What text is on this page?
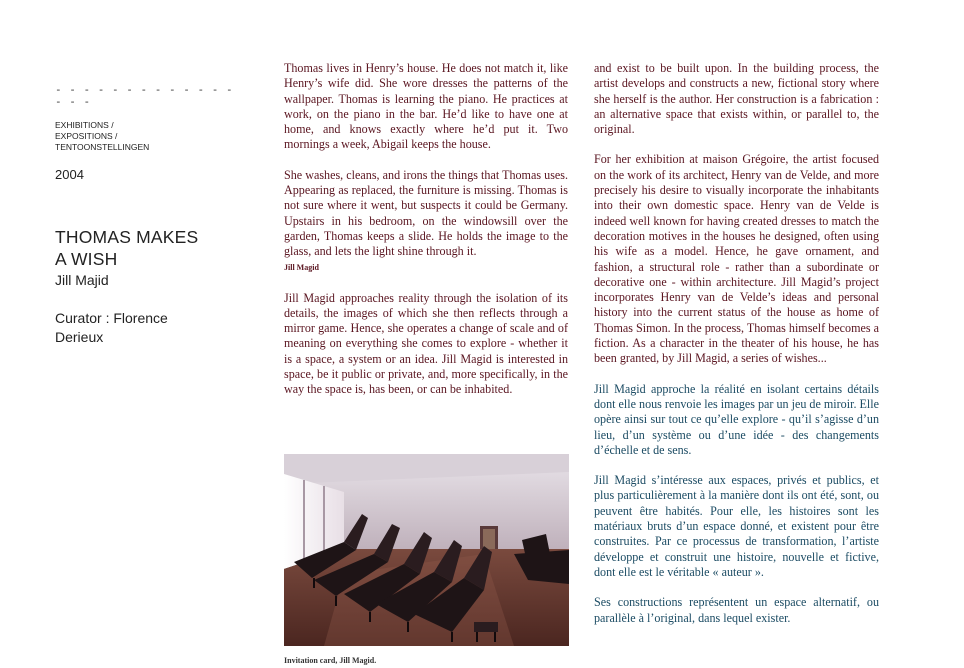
- - - - - - - - - - - - - - - -
EXHIBITIONS /
EXPOSITIONS /
TENTOONSTELLINGEN
2004
THOMAS MAKES
A WISH
Jill Majid
Curator : Florence
Derieux

Thomas lives in Henry’s house. He does not match it, like Henry’s wife did. She wore dresses the patterns of the wallpaper. Thomas is learning the piano. He practices at work, on the piano in the bar. He’d like to have one at home, and knows exactly where he’d put it. Two mornings a week, Abigail keeps the house.

She washes, cleans, and irons the things that Thomas uses. Appearing as replaced, the furniture is missing. Thomas is not sure where it went, but suspects it could be Germany. Upstairs in his bedroom, on the windowsill over the garden, Thomas keeps a slide. He holds the image to the glass, and lets the light shine through it.

Jill Magid

Jill Magid approaches reality through the isolation of its details, the images of which she then reflects through a mirror game. Hence, she operates a change of scale and of meaning on everything she comes to explore - whether it is a space, a system or an idea. Jill Magid is interested in space, be it public or private, and, more specifically, in the way the space is, has been, or can be inhabited.

Invitation card, Jill Magid.

and exist to be built upon. In the building process, the artist develops and constructs a new, fictional story where she herself is the author. Her construction is a fabrication : an alternative space that exists within, or parallel to, the original.

For her exhibition at maison Grégoire, the artist focused on the work of its architect, Henry van de Velde, and more precisely his desire to visually incorporate the inhabitants into their own domestic space. Henry van de Velde is indeed well known for having created dresses to match the decoration motives in the houses he designed, often using his wife as a model. Hence, he gave ornament, and fashion, a structural role - rather than a subordinate or decorative one - within architecture. Jill Magid’s project incorporates Henry van de Velde’s ideas and personal history into the current status of the house as home of Thomas Simon. In the process, Thomas himself becomes a fiction. As a character in the theater of his house, he has been granted, by Jill Magid, a series of wishes...

Jill Magid approche la réalité en isolant certains détails dont elle nous renvoie les images par un jeu de miroir. Elle opère ainsi sur tout ce qu’elle explore - qu’il s’agisse d’un lieu, d’un système ou d’une idée - des changements d’échelle et de sens.

Jill Magid s’intéresse aux espaces, privés et publics, et plus particulièrement à la manière dont ils ont été, sont, ou peuvent être habités. Pour elle, les histoires sont les matériaux bruts d’un espace donné, et existent pour être construites. Par ce processus de transformation, l’artiste développe et construit une histoire, nouvelle et fictive, dont elle est le véritable « auteur ».

Ses constructions représentent un espace alternatif, ou parallèle à l’original, dans lequel exister.
